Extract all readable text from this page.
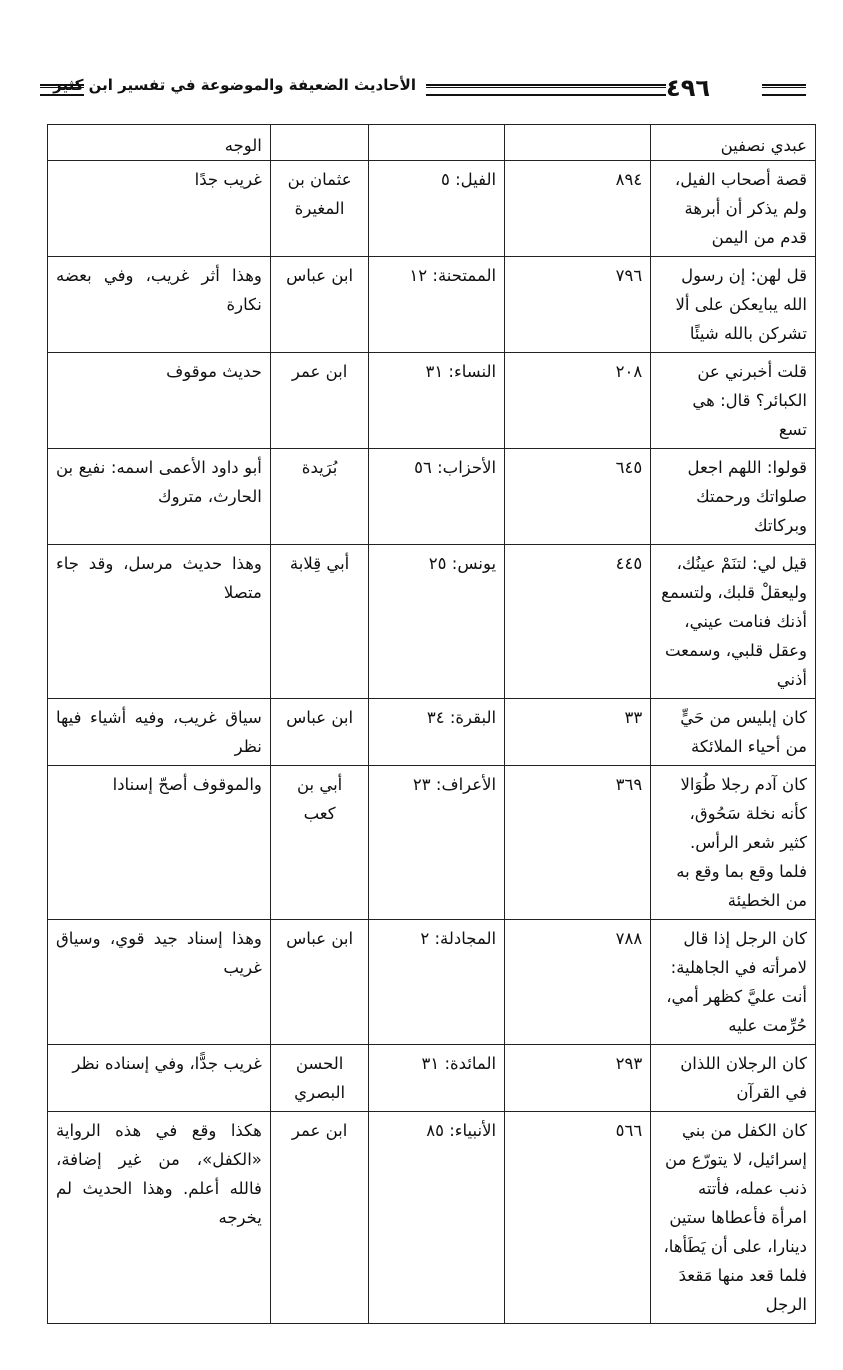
٤٩٦
الأحاديث الضعيفة والموضوعة في تفسير ابن كثير
عبدي نصفين				الوجه
قصة أصحاب الفيل، ولم يذكر أن أبرهة قدم من اليمن	٨٩٤	الفيل: ٥	عثمان بن المغيرة	غريب جدًا
قل لهن: إن رسول الله يبايعكن على ألا تشركن بالله شيئًا	٧٩٦	الممتحنة: ١٢	ابن عباس	وهذا أثر غريب، وفي بعضه نكارة
قلت أخبرني عن الكبائر؟ قال: هي تسع	٢٠٨	النساء: ٣١	ابن عمر	حديث موقوف
قولوا: اللهم اجعل صلواتك ورحمتك وبركاتك	٦٤٥	الأحزاب: ٥٦	بُرَيدة	أبو داود الأعمى اسمه: نفيع بن الحارث، متروك
قيل لي: لتنَمْ عينُك، وليعقلْ قلبك، ولتسمع أذنك فنامت عيني، وعقل قلبي، وسمعت أذني	٤٤٥	يونس: ٢٥	أبي قِلابة	وهذا حديث مرسل، وقد جاء متصلا
كان إبليس من حَيٍّ من أحياء الملائكة	٣٣	البقرة: ٣٤	ابن عباس	سياق غريب، وفيه أشياء فيها نظر
كان آدم رجلا طُوَالا كأنه نخلة سَحُوق، كثير شعر الرأس. فلما وقع بما وقع به من الخطيئة	٣٦٩	الأعراف: ٢٣	أبي بن كعب	والموقوف أصحّ إسنادا
كان الرجل إذا قال لامرأته في الجاهلية: أنت عليَّ كظهر أمي، حُرِّمت عليه	٧٨٨	المجادلة: ٢	ابن عباس	وهذا إسناد جيد قوي، وسياق غريب
كان الرجلان اللذان في القرآن	٢٩٣	المائدة: ٣١	الحسن البصري	غريب جدًّا، وفي إسناده نظر
كان الكفل من بني إسرائيل، لا يتورّع من ذنب عمله، فأتته امرأة فأعطاها ستين دينارا، على أن يَطَأها، فلما قعد منها مَقعدَ الرجل	٥٦٦	الأنبياء: ٨٥	ابن عمر	هكذا وقع في هذه الرواية «الكفل»، من غير إضافة، فالله أعلم. وهذا الحديث لم يخرجه
